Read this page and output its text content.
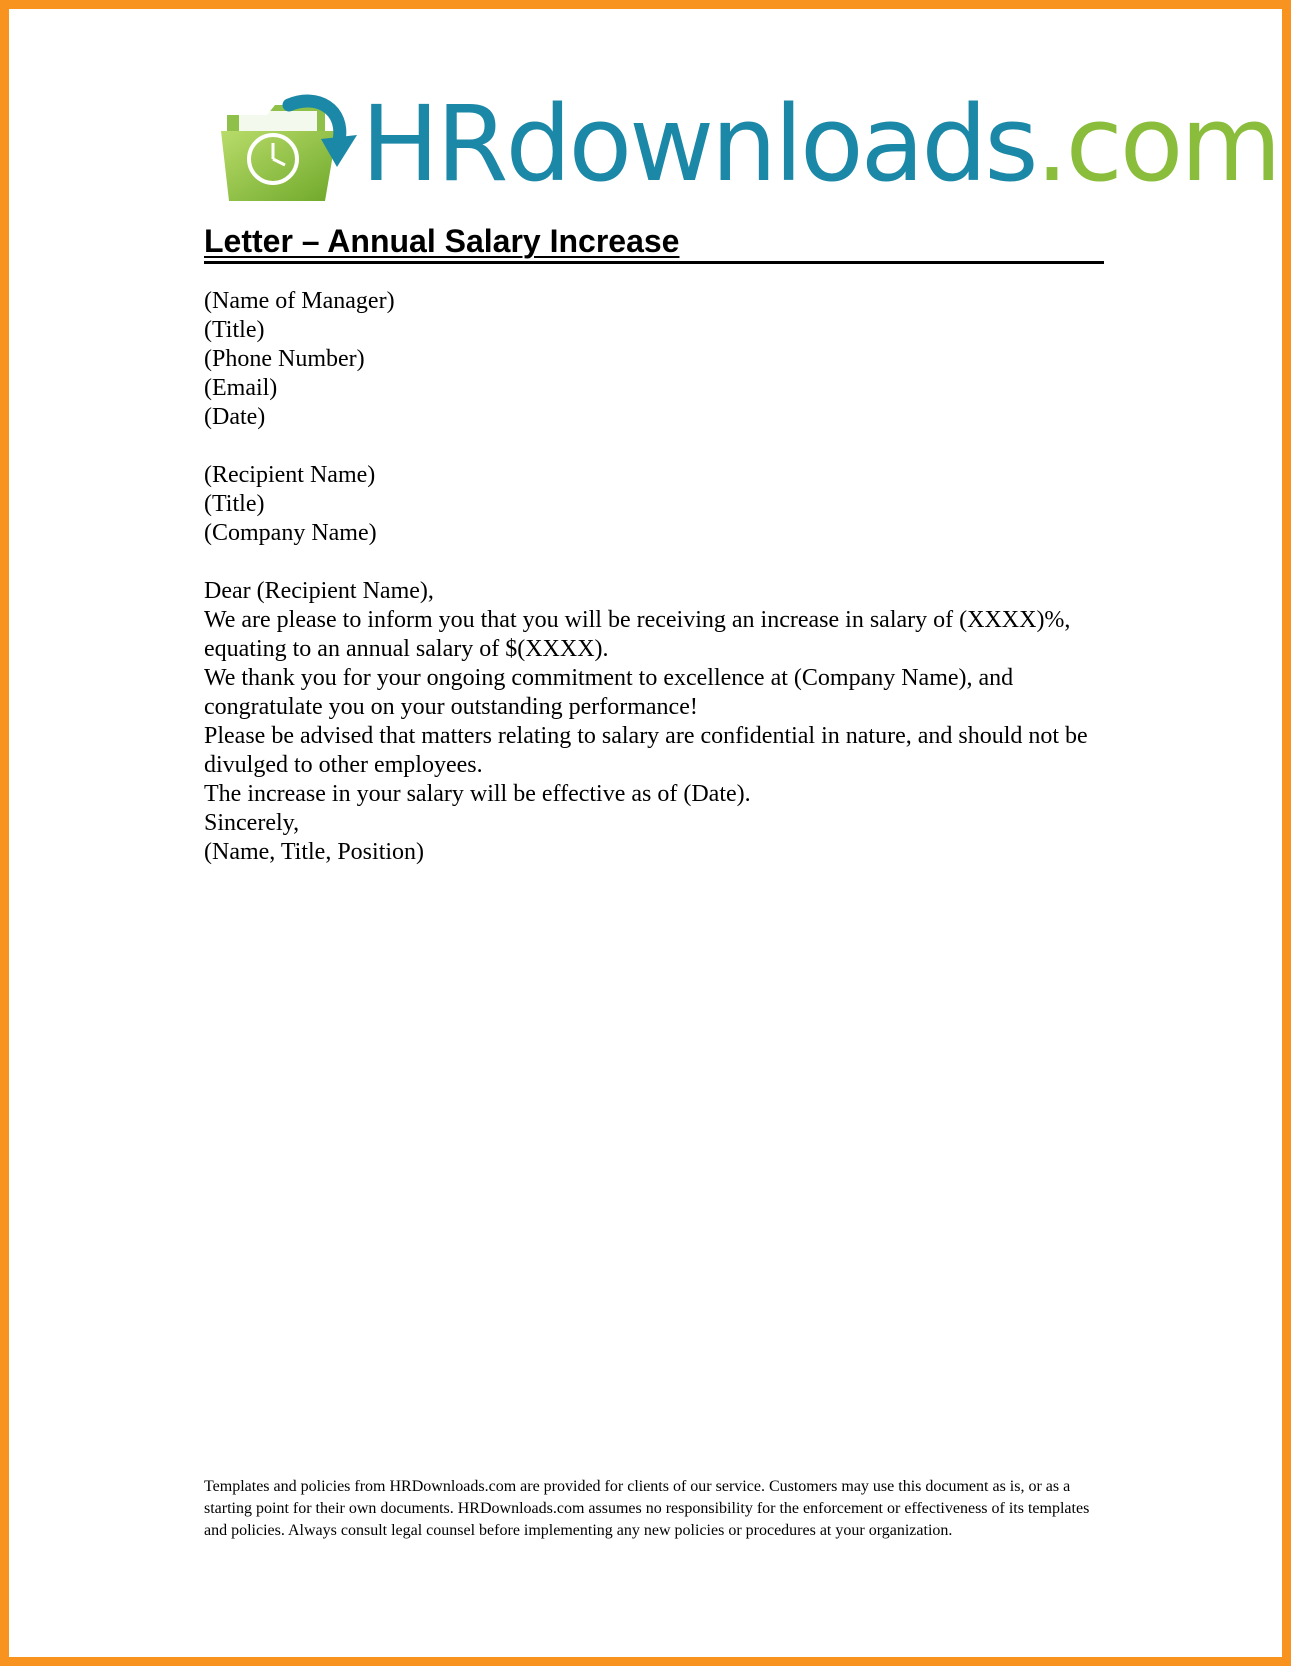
HRdownloads.com
Letter – Annual Salary Increase

(Name of Manager)

(Title)

(Phone Number)

(Email)

(Date)

(Recipient Name)

(Title)

(Company Name)

Dear (Recipient Name),

We are please to inform you that you will be receiving an increase in salary of (XXXX)%, equating to an annual salary of $(XXXX).

We thank you for your ongoing commitment to excellence at (Company Name), and congratulate you on your outstanding performance!

Please be advised that matters relating to salary are confidential in nature, and should not be divulged to other employees.

The increase in your salary will be effective as of (Date).

Sincerely,

(Name, Title, Position)

Templates and policies from HRDownloads.com are provided for clients of our service. Customers may use this document as is, or as a starting point for their own documents. HRDownloads.com assumes no responsibility for the enforcement or effectiveness of its templates and policies. Always consult legal counsel before implementing any new policies or procedures at your organization.
